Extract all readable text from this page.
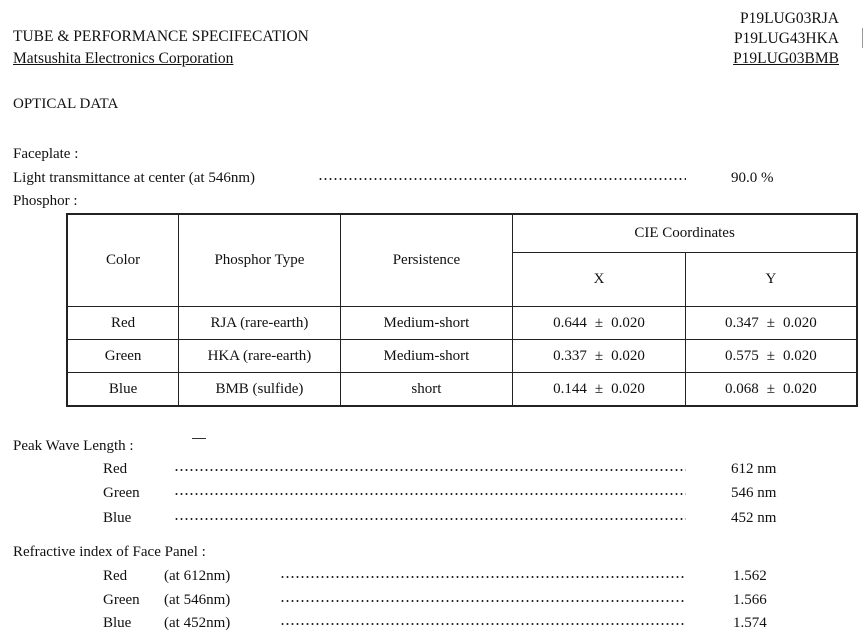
TUBE & PERFORMANCE SPECIFECATION
Matsushita Electronics Corporation
P19LUG03RJA
P19LUG43HKA
P19LUG03BMB
OPTICAL DATA
Faceplate :
Light transmittance at center (at 546nm)	90.0 %
Phosphor :
Color	Phosphor Type	Persistence	CIE Coordinates	
			X	Y
Red	RJA (rare-earth)	Medium-short	0.644 ± 0.020	0.347 ± 0.020
Green	HKA (rare-earth)	Medium-short	0.337 ± 0.020	0.575 ± 0.020
Blue	BMB (sulfide)	short	0.144 ± 0.020	0.068 ± 0.020
Peak Wave Length :
Red	612 nm
Green	546 nm
Blue	452 nm
Refractive index of Face Panel :
Red (at 612nm)	1.562
Green (at 546nm)	1.566
Blue (at 452nm)	1.574
